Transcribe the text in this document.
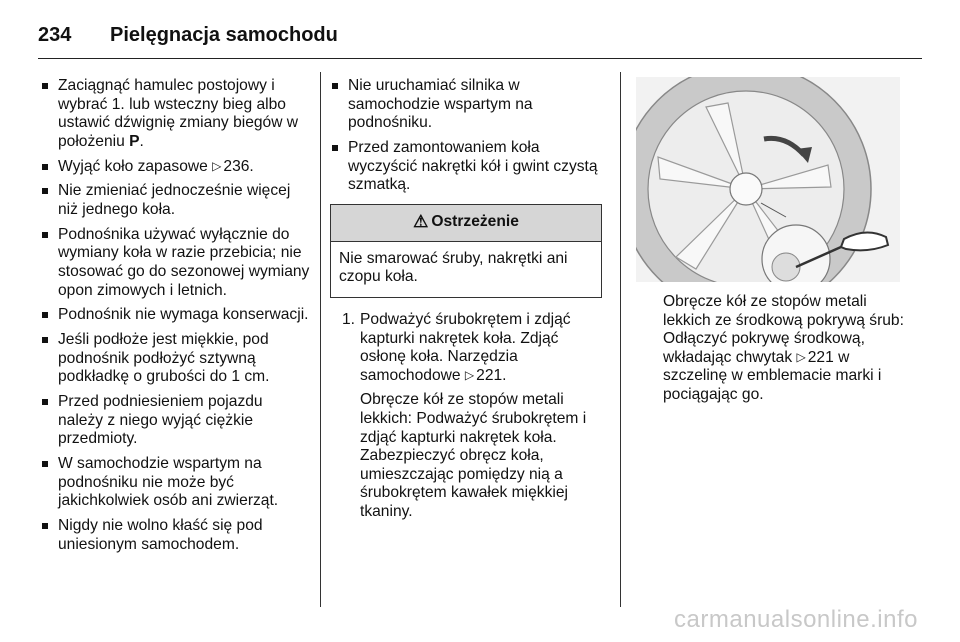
234	Pielęgnacja samochodu
Zaciągnąć hamulec postojowy i wybrać 1. lub wsteczny bieg albo ustawić dźwignię zmiany biegów w położeniu P.
Wyjąć koło zapasowe ▷ 236.
Nie zmieniać jednocześnie więcej niż jednego koła.
Podnośnika używać wyłącznie do wymiany koła w razie przebicia; nie stosować go do sezonowej wymiany opon zimowych i letnich.
Podnośnik nie wymaga konserwacji.
Jeśli podłoże jest miękkie, pod podnośnik podłożyć sztywną podkładkę o grubości do 1 cm.
Przed podniesieniem pojazdu należy z niego wyjąć ciężkie przedmioty.
W samochodzie wspartym na podnośniku nie może być jakichkolwiek osób ani zwierząt.
Nigdy nie wolno kłaść się pod uniesionym samochodem.
Nie uruchamiać silnika w samochodzie wspartym na podnośniku.
Przed zamontowaniem koła wyczyścić nakrętki kół i gwint czystą szmatką.
⚠ Ostrzeżenie
Nie smarować śruby, nakrętki ani czopu koła.
1. Podważyć śrubokrętem i zdjąć kapturki nakrętek koła. Zdjąć osłonę koła. Narzędzia samochodowe ▷ 221.

Obręcze kół ze stopów metali lekkich: Podważyć śrubokrętem i zdjąć kapturki nakrętek koła. Zabezpieczyć obręcz koła, umieszczając pomiędzy nią a śrubokrętem kawałek miękkiej tkaniny.

Obręcze kół ze stopów metali lekkich ze środkową pokrywą śrub: Odłączyć pokrywę środkową, wkładając chwytak ▷ 221 w szczelinę w emblemacie marki i pociągając go.
carmanualsonline.info
